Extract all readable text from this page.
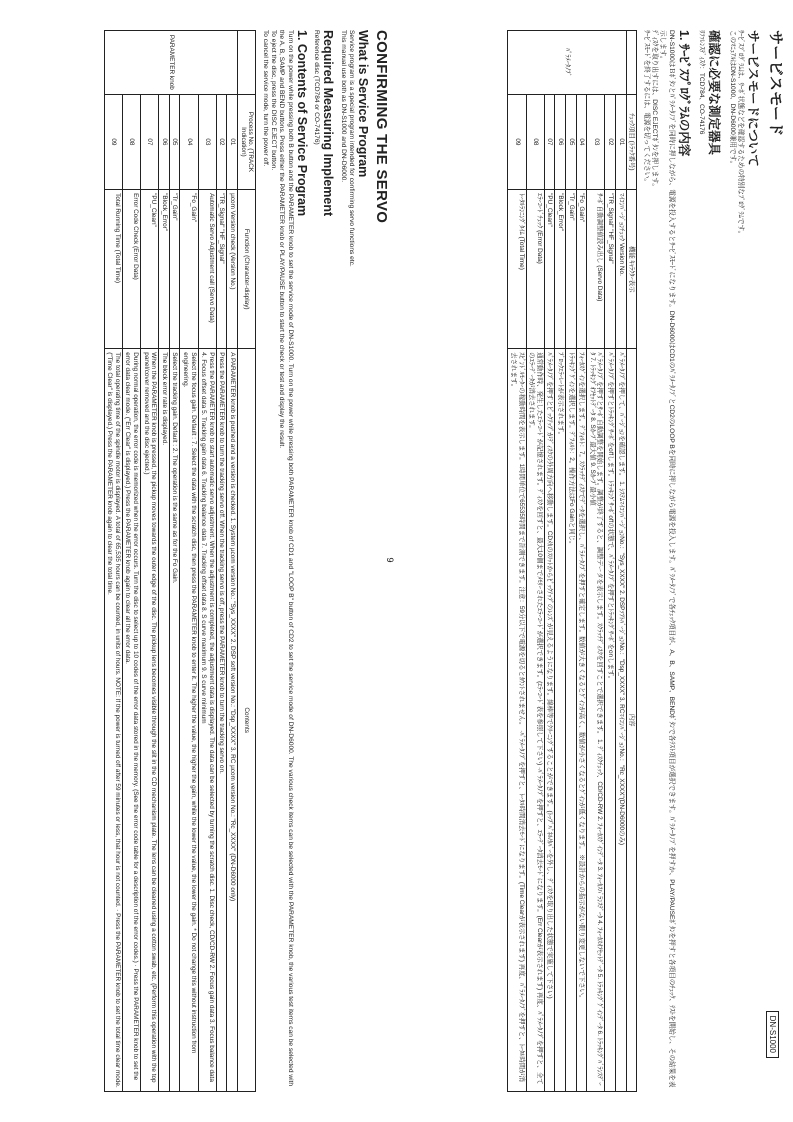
CONFIRMING THE SERVO
What is Service Program

Service program is a special program intended for confirming servo functions etc.

This manual use both as DN-S1000 and DN-D6000.

Required Measuring Implement

Reference disc (TCD784 or CO-74176)

1. Contents of Service Program

Turn on the power while pressing both B button and the PARAMETER knob to set the service mode of DN-S1000. Turn on the power while pressing both PARAMETER knob of CD1 and "LOOP B" button of CD2 to set the service mode of DN-D6000. The various check items can be selected with the PARAMETER knob, the various test items can be selected with the A, B, SAMP and BEND buttons. Press either the PARAMETER knob or PLAY/PAUSE button to start the check or test and display the result.

To eject the disc, press the DISC EJECT button.

To cancel the service mode, turn the power off.

	Process No. (TRACK Indication)	Function (Character-display)	Contents
PARAMETER knob	01	µcom Version check (Version No.)	A PARAMETER knob is pushed and a version is checked. 1. System µcom version No.: "Sys_XXXX" 2. DSP soft version No.: "Dsp_XXXX" 3. RC µcom version No.: "Rc_XXXX" (DN-D6000 only)
	02	"TR_Signal" "HF_Signal"	Press the PARAMETER knob to turn the tracking servo off. When the tracking servo is off, press the PARAMETER knob to turn the tracking servo on.
	03	Automatic Servo Adjustment call (Servo Data)	Press the PARAMETER knob to start automatic servo adjustment. When the adjustment is completed, the adjustment data is displayed. The data can be selected by turning the scratch disc. 1. Disc check, CD/CD-RW 2. Focus gain data 3. Focus balance data 4. Focus offset data 5. Tracking gain data 6. Tracking balance data 7. Tracking offset data 8. S curve maximum 9. S curve minimum
	04	"Fo_Gain"	Select the focus gain. Default : 7. Select the data with the scratch disc, then press the PARAMETER knob to enter it. The higher the value, the higher the gain, while the lower the value, the lower the gain. * Do not change this without instruction from engineering.
	05	"Tr_Gain"	Select the tracking gain. Default : 2. The operation is the same as for the Fo Gain.
	06	"Block_Error"	The block error rate is displayed.
	07	"PU_Clean"	When the PARAMETER knob is pressed, the pickup moves towards the outer edge of the disc. The pickup lens becomes visible through the slit in the CD mechanism plate. The lens can be cleaned using a cotton swab, etc. (Perform this operation with the top panel/cover removed and the disc ejected.)
	08	Error Code Check (Error Data)	During normal operation, the error code is memorized when the error occurs. Turn the disc to select up to 10 codes of the error data stored in the memory. (See the error code table for a description of the error codes.) · Press the PARAMETER knob to set the error data clear mode. ("Err Clear" is displayed.) Press the PARAMETER knob again to clear all the error data.
	09	Total Running Time (Total Time)	The total operating time of the spindle motor is displayed. A total of 65,535 hours can be counted, in units of hours. NOTE: If the power is turned off after 59 minutes or less, that hour is not counted. · Press the PARAMETER knob to set the total time clear mode. ("Time Clear" is displayed.) Press the PARAMETER knob again to clear the total time.
DN-S1000
サービスモード
サービスモードについて

ｻｰﾋﾞｽﾌﾟﾛｸﾞﾗﾑは、ｻｰﾎﾞ状態などを確認するための特別なﾌﾟﾛｸﾞﾗﾑです。

このﾏﾆｭｱﾙはDN-S1000、DN-D6000兼用です。

確認に必要な測定器具

ﾘﾌｧﾚﾝｽﾃﾞｨｽｸ：TCD784、CO-74176

1. ｻｰﾋﾞｽﾌﾟﾛｸﾞﾗﾑの内容

DN-S1000はＢﾎﾞﾀﾝとﾊﾟﾗﾒｰﾀﾉﾌﾞを同時に押しながら、電源を投入するとｻｰﾋﾞｽﾓｰﾄﾞになります。DN-D6000はCD1のﾊﾟﾗﾒｰﾀﾉﾌﾞとCD2のLOOP Bを同時に押しながら電源を投入します。ﾊﾟﾗﾒｰﾀﾉﾌﾞで各ﾁｪｯｸ項目が、A、B、SAMP、BENDﾎﾞﾀﾝで各ﾃｽﾄ項目が選択できます。ﾊﾟﾗﾒｰﾀﾉﾌﾞを押すか、PLAY/PAUSEﾎﾞﾀﾝを押すと各項目のﾁｪｯｸ、ﾃｽﾄを開始し、その結果を表示します。

ﾃﾞｨｽｸを取り出すには、DISC EJECTﾎﾞﾀﾝを押します。

ｻｰﾋﾞｽﾓｰﾄﾞを終了するには、電源を切ってください。

	ﾁｪｯｸ項目 (ﾄﾗｯｸ番号)	機能 ｷｬﾗｸﾀｰ表示	内容
ﾊﾟﾗﾒｰﾀﾉﾌﾞ	01	ﾏｲｺﾝﾊﾞｰｼﾞｮﾝﾁｪｯｸ Version No.	ﾊﾟﾗﾒｰﾀﾉﾌﾞを押して、ﾊﾞｰｼﾞｮﾝを確認します。 1. ｼｽﾃﾑﾏｲｺﾝﾊﾞｰｼﾞｮﾝNo.："Sys_XXXX" 2. DSPｿﾌﾄﾊﾞｰｼﾞｮﾝNo.："Dsp_XXXX" 3. RCﾏｲｺﾝﾊﾞｰｼﾞｮﾝNo.："Rc_XXXX"(DN-D6000のみ)
	02	"TR_Signal" "HF_Signal"	ﾊﾟﾗﾒｰﾀﾉﾌﾞを押すとﾄﾗｯｷﾝｸﾞｻｰﾎﾞをoffします。ﾄﾗｯｷﾝｸﾞｻｰﾎﾞoffの状態で、ﾊﾟﾗﾒｰﾀﾉﾌﾞを押すとﾄﾗｯｷﾝｸﾞｻｰﾎﾞをonします。
	03	ｻｰﾎﾞ自動調整値読み出し (Servo Data)	ﾊﾟﾗﾒｰﾀﾉﾌﾞを押すとｻｰﾎﾞ自動調整を開始します。調整が終了すると、調整データを表示します。ｽｸﾗｯﾁﾃﾞｨｽｸを回すことで選択できます。 1. ﾃﾞｨｽｸﾁｪｯｸ、CD/CD-RW 2. ﾌｫｰｶｽｹﾞｲﾝﾃﾞｰﾀ 3. ﾌｫｰｶｽﾊﾞﾗﾝｽﾃﾞｰﾀ 4. ﾌｫｰｶｽｵﾌｾｯﾄﾃﾞｰﾀ 5. ﾄﾗｯｷﾝｸﾞｹﾞｲﾝﾃﾞｰﾀ 6. ﾄﾗｯｷﾝｸﾞﾊﾞﾗﾝｽﾃﾞｰﾀ 7. ﾄﾗｯｷﾝｸﾞｵﾌｾｯﾄﾃﾞｰﾀ 8. Sｶｰﾌﾞ最大値 9. Sｶｰﾌﾞ最小値
	04	"Fo_Gain"	ﾌｫｰｶｽｹﾞｲﾝを選択します。ﾃﾞﾌｫﾙﾄ：7。ｽｸﾗｯﾁﾃﾞｨｽｸでﾃﾞｰﾀを選択し、ﾊﾟﾗﾒｰﾀﾉﾌﾞを押すと確定します。数値が大きくなるとｹﾞｲﾝが高く、数値が小さくなるとｹﾞｲﾝが低くなります。 ※設計からの指示がない限り変更しないで下さい。
	05	"Tr_Gain"	ﾄﾗｯｷﾝｸﾞｹﾞｲﾝを選択します。ﾃﾞﾌｫﾙﾄ：2。操作方法はFo Gainと同じ。
	06	"Block_Error"	ﾌﾞﾛｯｸｴﾗｰﾚｰﾄが表示されます。
	07	"PU_Clean"	ﾊﾟﾗﾒｰﾀﾉﾌﾞを押すとﾋﾟｯｸｱｯﾌﾟがﾃﾞｨｽｸの外周方向へ移動します。CDﾒｶのｽﾘｯﾄからﾋﾟｯｸｱｯﾌﾟのﾚﾝｽﾞが見えるようになります。綿棒等でｸﾘｰﾆﾝｸﾞすることができます。(ﾄｯﾌﾟﾊﾟﾈﾙ/ｶﾊﾞｰを外し、ﾃﾞｨｽｸを取り出した状態で実施して下さい)
	08	ｴﾗｰｺｰﾄﾞﾁｪｯｸ (Error Data)	通常動作時、発生したｴﾗｰｺｰﾄﾞが記憶されます。ﾃﾞｨｽｸを回すと、最大10個までﾒﾓﾘｰされたｴﾗｰｺｰﾄﾞが選択できます。(ｴﾗｰｺｰﾄﾞ表を参照して下さい) ·ﾊﾟﾗﾒｰﾀﾉﾌﾞを押すと、ｴﾗｰﾃﾞｰﾀ消去ﾓｰﾄﾞになります。(Err Clearが表示されます) 再度、ﾊﾟﾗﾒｰﾀﾉﾌﾞを押すと、全てのｴﾗｰﾃﾞｰﾀが消去されます。
	09	ﾄｰﾀﾙﾗﾝﾆﾝｸﾞﾀｲﾑ (Total Time)	ｽﾋﾟﾝﾄﾞﾙﾓｰﾀｰの稼動時間を表示します。1時間単位で65535時間まで計測できます。注意：59分以下で電源を切るとｶｳﾝﾄされません。 ·ﾊﾟﾗﾒｰﾀﾉﾌﾞを押すと、ﾄｰﾀﾙ時間消去ﾓｰﾄﾞになります。(Time Clearが表示されます) 再度、ﾊﾟﾗﾒｰﾀﾉﾌﾞを押すと、ﾄｰﾀﾙ時間が消去されます。
9
